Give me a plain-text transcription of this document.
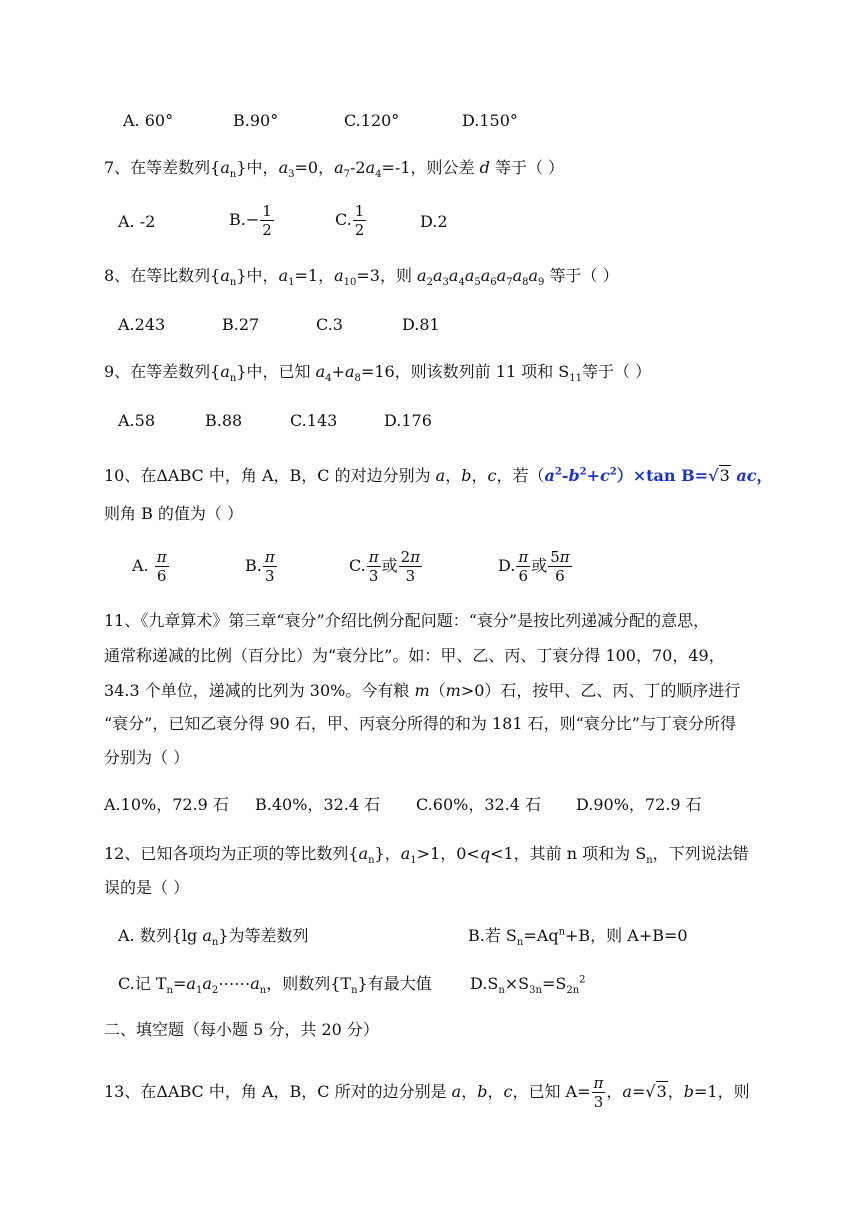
A. 60°	B.90°	C.120°	D.150°
7、在等差数列$\{a_n\}$中，$a_3=0$，$a_7-2a_4=-1$，则公差 d 等于（ ）
A. -2	$B.- \frac{1}{2}$	C. $\frac{1}{2}$	D.2
8、在等比数列$\{a_n\}$中，$a_1=1$，$a_{10}=3$，则 $a_2a_3a_4a_5a_6a_7a_8a_9$ 等于（ ）
A.243	B.27	C.3	D.81
9、在等差数列$\{a_n\}$中，已知 $a_4+a_8=16$，则该数列前 11 项和 $S_{11}$等于（ ）
A.58	B.88	C.143	D.176
10、在ΔABC 中，角 A，B，C 的对边分别为 a，b，c，若$(a^2-b^2+c^2)\times\tan$ B=√3 ac，
则角 B 的值为（ ）
A. $\frac{\pi}{6}$	B. $\frac{\pi}{3}$	C. $\frac{\pi}{3}$ 或 $\frac{2\pi}{3}$	D. $\frac{\pi}{6}$ 或 $\frac{5\pi}{6}$
11、《九章算术》第三章“衰分”介绍比例分配问题：“衰分”是按比列递减分配的意思，
通常称递减的比例（百分比）为“衰分比”。如：甲、乙、丙、丁衰分得 100，70，49，
34.3 个单位，递减的比列为 30%。今有粮 m（m>0）石，按甲、乙、丙、丁的顺序进行
“衰分”，已知乙衰分得 90 石，甲、丙衰分所得的和为 181 石，则“衰分比”与丁衰分所得
分别为（ ）
A.10%，72.9 石 B.40%，32.4 石 C.60%，32.4 石 D.90%，72.9 石
12、已知各项均为正项的等比数列$\{a_n\}$，$a_1>1$，0<q<1，其前 n 项和为 $S_n$，下列说法错
误的是（ ）
A. 数列{lg $a_n$}为等差数列	B.若 $S_n=Aq^n+B$，则 A+B=0
C.记 $T_n=a_1a_2\cdots\cdots a_n$，则数列$\{T_n\}$有最大值 $D.S_n\times S_{3n}=S_{2n}^2$
二、填空题（每小题 5 分，共 20 分）
13、在ΔABC 中，角 A，B，C 所对的边分别是 a，b，c，已知 $A= \frac{\pi}{3}$ ，a=√3，b=1，则
